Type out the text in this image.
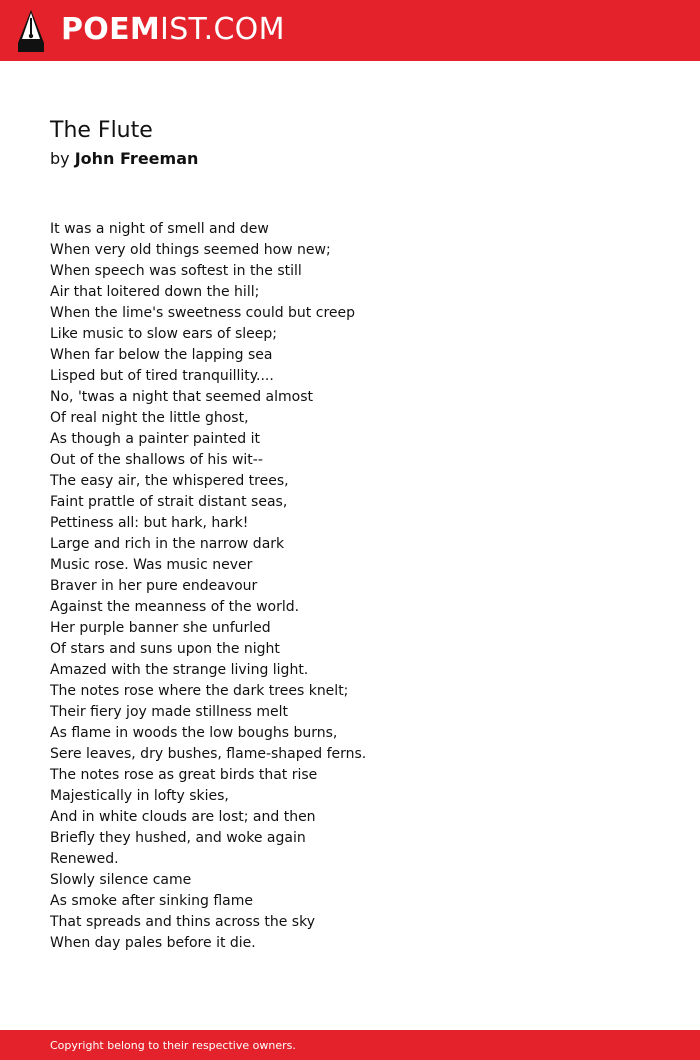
POEMIST.COM
The Flute
by John Freeman
It was a night of smell and dew
When very old things seemed how new;
When speech was softest in the still
Air that loitered down the hill;
When the lime's sweetness could but creep
Like music to slow ears of sleep;
When far below the lapping sea
Lisped but of tired tranquillity....
No, 'twas a night that seemed almost
Of real night the little ghost,
As though a painter painted it
Out of the shallows of his wit--
The easy air, the whispered trees,
Faint prattle of strait distant seas,
Pettiness all: but hark, hark!
Large and rich in the narrow dark
Music rose. Was music never
Braver in her pure endeavour
Against the meanness of the world.
Her purple banner she unfurled
Of stars and suns upon the night
Amazed with the strange living light.
The notes rose where the dark trees knelt;
Their fiery joy made stillness melt
As flame in woods the low boughs burns,
Sere leaves, dry bushes, flame-shaped ferns.
The notes rose as great birds that rise
Majestically in lofty skies,
And in white clouds are lost; and then
Briefly they hushed, and woke again
Renewed.
Slowly silence came
As smoke after sinking flame
That spreads and thins across the sky
When day pales before it die.
Copyright belong to their respective owners.
